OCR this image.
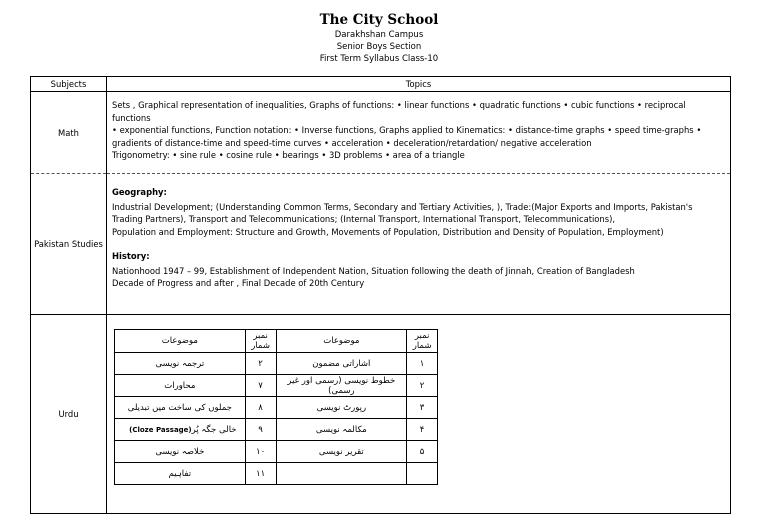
The City School
Darakhshan Campus
Senior Boys Section
First Term Syllabus Class-10
Subjects	Topics
Math	
Sets , Graphical representation of inequalities, Graphs of functions: • linear functions • quadratic functions • cubic functions • reciprocal functions
• exponential functions, Function notation: • Inverse functions, Graphs applied to Kinematics: • distance-time graphs • speed time-graphs • gradients of distance-time and speed-time curves • acceleration • deceleration/retardation/ negative acceleration
Trigonometry: • sine rule • cosine rule • bearings • 3D problems • area of a triangle

Pakistan Studies	
Geography:
Industrial Development; (Understanding Common Terms, Secondary and Tertiary Activities, ), Trade:(Major Exports and Imports, Pakistan's Trading Partners), Transport and Telecommunications; (Internal Transport, International Transport, Telecommunications),
Population and Employment: Structure and Growth, Movements of Population, Distribution and Density of Population, Employment)
History:
Nationhood 1947 – 99, Establishment of Independent Nation, Situation following the death of Jinnah, Creation of Bangladesh
Decade of Progress and after , Final Decade of 20th Century

Urdu	
نمبر شمار	موضوعات	نمبر شمار	موضوعات
۱	اشاراتی مضمون	۲	ترجمہ نویسی
۲	خطوط نویسی (رسمی اور غیر رسمی)	۷	محاورات
۳	رپورٹ نویسی	۸	جملوں کی ساخت میں تبدیلی
۴	مکالمہ نویسی	۹	خالی جگہ پُر(Cloze Passage)
۵	تقریر نویسی	۱۰	خلاصہ نویسی
		۱۱	تفاہیم
